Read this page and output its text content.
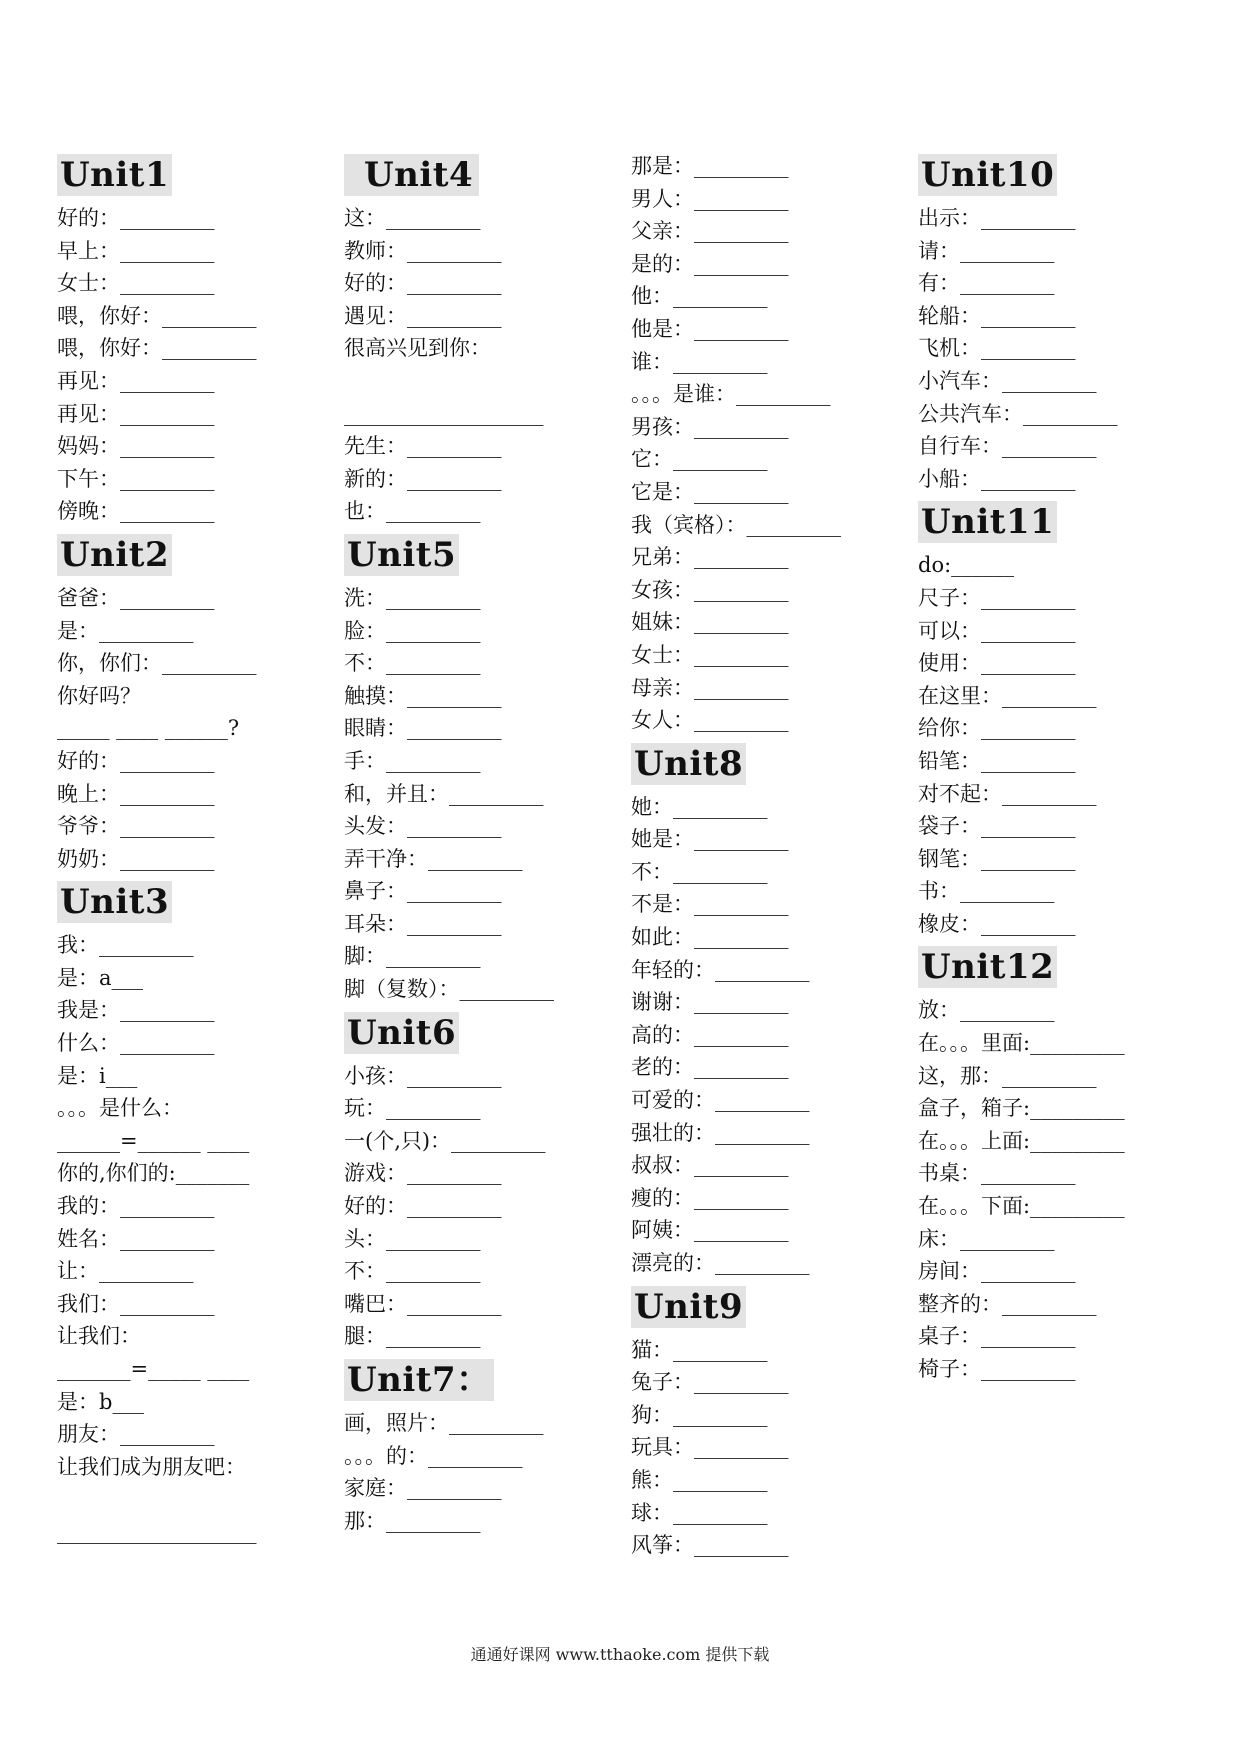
Unit1
好的：_________
早上：_________
女士：_________
喂，你好：_________
喂，你好：_________
再见：_________
再见：_________
妈妈：_________
下午：_________
傍晚：_________
Unit2
爸爸：_________
是：_________
你，你们：_________
你好吗？
_____ ____ ______?
好的：_________
晚上：_________
爷爷：_________
奶奶：_________
Unit3
我：_________
是：a___
我是：_________
什么：_________
是：i___
。。。是什么：
______=______ ____
你的,你们的:_______
我的：_________
姓名：_________
让：_________
我们：_________
让我们：
_______=_____ ____
是：b___
朋友：_________
让我们成为朋友吧：
___________________
Unit4
这：_________
教师：_________
好的：_________
遇见：_________
很高兴见到你：
___________________
先生：_________
新的：_________
也：_________
Unit5
洗：_________
脸：_________
不：_________
触摸：_________
眼睛：_________
手：_________
和，并且：_________
头发：_________
弄干净：_________
鼻子：_________
耳朵：_________
脚：_________
脚（复数）：_________
Unit6
小孩：_________
玩：_________
一(个,只)：_________
游戏：_________
好的：_________
头：_________
不：_________
嘴巴：_________
腿：_________
Unit7：
画，照片：_________
。。。的：_________
家庭：_________
那：_________
那是：_________
男人：_________
父亲：_________
是的：_________
他：_________
他是：_________
谁：_________
。。。是谁：_________
男孩：_________
它：_________
它是：_________
我（宾格）：_________
兄弟：_________
女孩：_________
姐妹：_________
女士：_________
母亲：_________
女人：_________
Unit8
她：_________
她是：_________
不：_________
不是：_________
如此：_________
年轻的：_________
谢谢：_________
高的：_________
老的：_________
可爱的：_________
强壮的：_________
叔叔：_________
瘦的：_________
阿姨：_________
漂亮的：_________
Unit9
猫：_________
兔子：_________
狗：_________
玩具：_________
熊：_________
球：_________
风筝：_________
Unit10
出示：_________
请：_________
有：_________
轮船：_________
飞机：_________
小汽车：_________
公共汽车：_________
自行车：_________
小船：_________
Unit11
do:______
尺子：_________
可以：_________
使用：_________
在这里：_________
给你：_________
铅笔：_________
对不起：_________
袋子：_________
钢笔：_________
书：_________
橡皮：_________
Unit12
放：_________
在。。。里面:_________
这，那：_________
盒子，箱子:_________
在。。。上面:_________
书桌：_________
在。。。下面:_________
床：_________
房间：_________
整齐的：_________
桌子：_________
椅子：_________
通通好课网 www.tthaoke.com 提供下载
